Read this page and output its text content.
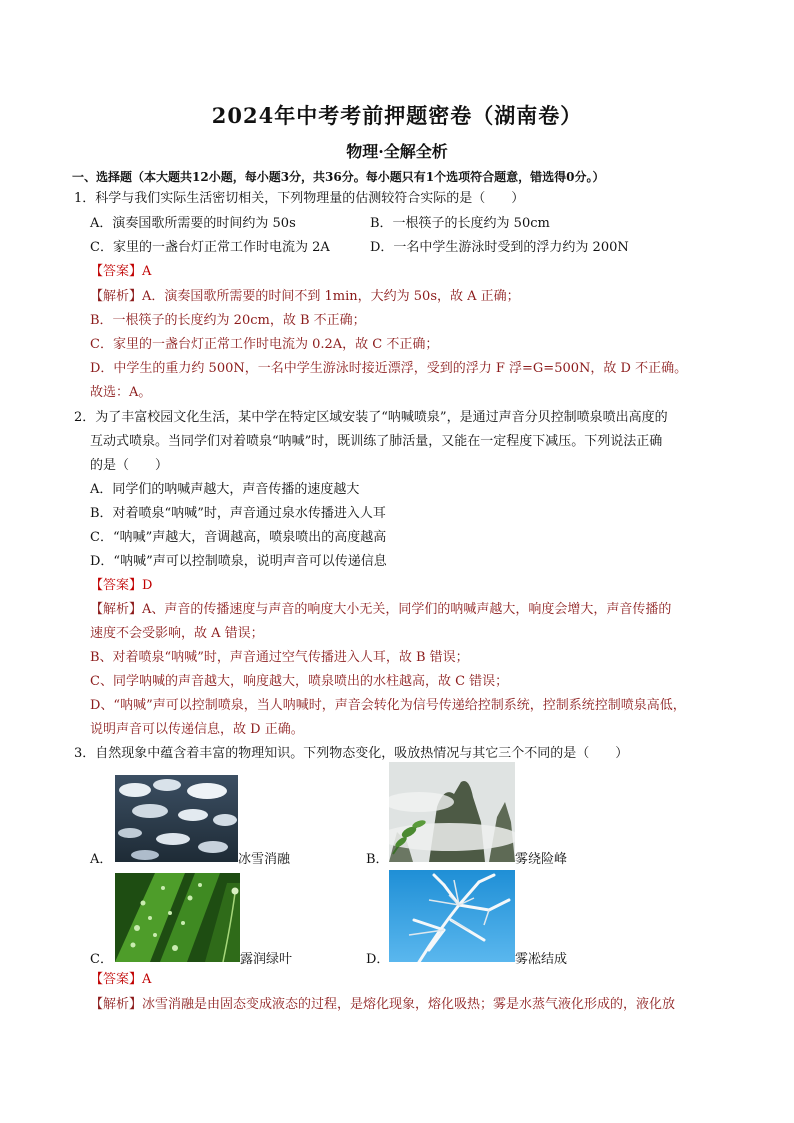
2024年中考考前押题密卷（湖南卷）
物理·全解全析
一、选择题（本大题共12小题，每小题3分，共36分。每小题只有1个选项符合题意，错选得0分。）
1．科学与我们实际生活密切相关，下列物理量的估测较符合实际的是（　　）
A．演奏国歌所需要的时间约为 50s	B．一根筷子的长度约为 50cm
C．家里的一盏台灯正常工作时电流为 2A	D．一名中学生游泳时受到的浮力约为 200N
【答案】A
【解析】A．演奏国歌所需要的时间不到 1min，大约为 50s，故 A 正确；
B．一根筷子的长度约为 20cm，故 B 不正确；
C．家里的一盏台灯正常工作时电流为 0.2A，故 C 不正确；
D．中学生的重力约 500N，一名中学生游泳时接近漂浮，受到的浮力 F 浮=G=500N，故 D 不正确。
故选：A。
2．为了丰富校园文化生活，某中学在特定区域安装了“呐喊喷泉”，是通过声音分贝控制喷泉喷出高度的
互动式喷泉。当同学们对着喷泉“呐喊”时，既训练了肺活量，又能在一定程度下减压。下列说法正确
的是（　　）
A．同学们的呐喊声越大，声音传播的速度越大
B．对着喷泉“呐喊”时，声音通过泉水传播进入人耳
C．“呐喊”声越大，音调越高，喷泉喷出的高度越高
D．“呐喊”声可以控制喷泉，说明声音可以传递信息
【答案】D
【解析】A、声音的传播速度与声音的响度大小无关，同学们的呐喊声越大，响度会增大，声音传播的
速度不会受影响，故 A 错误；
B、对着喷泉“呐喊”时，声音通过空气传播进入人耳，故 B 错误；
C、同学呐喊的声音越大，响度越大，喷泉喷出的水柱越高，故 C 错误；
D、“呐喊”声可以控制喷泉，当人呐喊时，声音会转化为信号传递给控制系统，控制系统控制喷泉高低，
说明声音可以传递信息，故 D 正确。
3．自然现象中蕴含着丰富的物理知识。下列物态变化，吸放热情况与其它三个不同的是（　　）
A．	冰雪消融	B．	雾绕险峰
C．	露润绿叶	D．	雾凇结成
【答案】A
【解析】冰雪消融是由固态变成液态的过程，是熔化现象，熔化吸热；雾是水蒸气液化形成的，液化放
